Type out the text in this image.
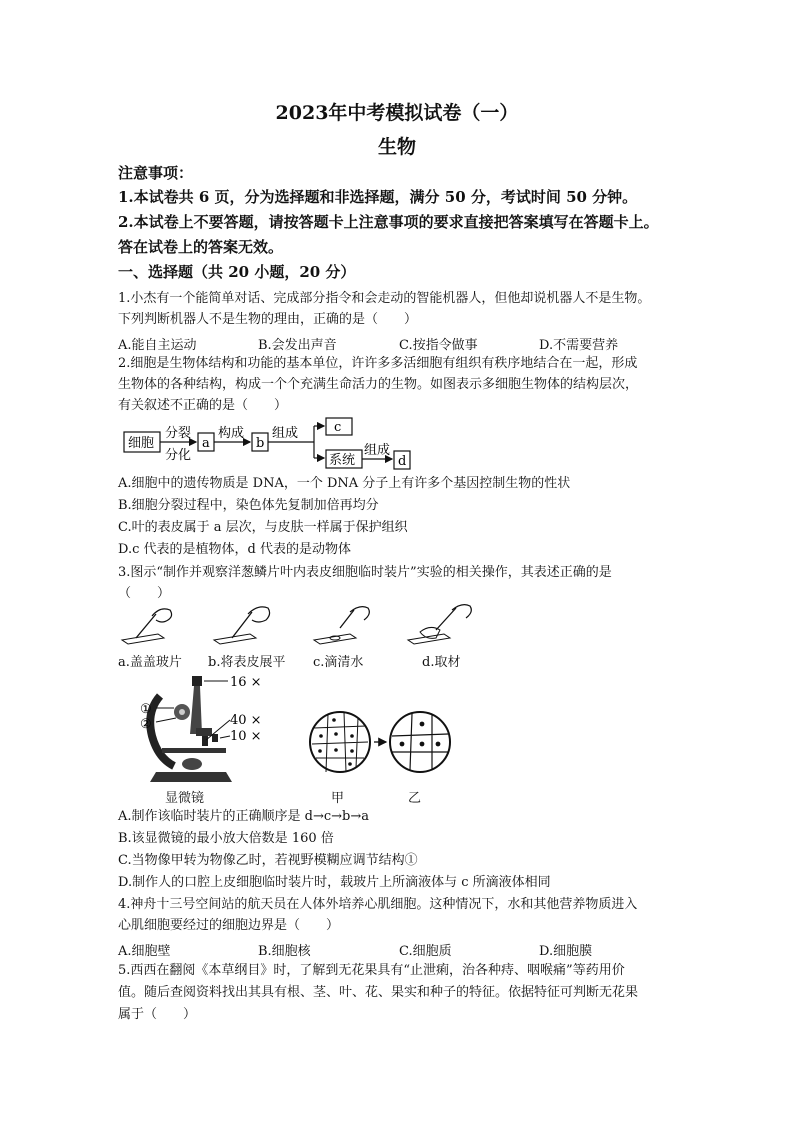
2023年中考模拟试卷（一）
生物
注意事项：
1.本试卷共 6 页，分为选择题和非选择题，满分 50 分，考试时间 50 分钟。
2.本试卷上不要答题，请按答题卡上注意事项的要求直接把答案填写在答题卡上。
答在试卷上的答案无效。
一、选择题（共 20 小题，20 分）
1.小杰有一个能简单对话、完成部分指令和会走动的智能机器人，但他却说机器人不是生物。
下列判断机器人不是生物的理由，正确的是（　　）
A.能自主运动	B.会发出声音	C.按指令做事	D.不需要营养
2.细胞是生物体结构和功能的基本单位，许许多多活细胞有组织有秩序地结合在一起，形成
生物体的各种结构，构成一个个充满生命活力的生物。如图表示多细胞生物体的结构层次，
有关叙述不正确的是（　　）
细胞
分裂
分化
a
构成
b
组成	c
系统
组成
d
A.细胞中的遗传物质是 DNA，一个 DNA 分子上有许多个基因控制生物的性状
B.细胞分裂过程中，染色体先复制加倍再均分
C.叶的表皮属于 a 层次，与皮肤一样属于保护组织
D.c 代表的是植物体，d 代表的是动物体
3.图示“制作并观察洋葱鳞片叶内表皮细胞临时装片”实验的相关操作，其表述正确的是
（　　）
a.盖盖玻片 b.将表皮展平 c.滴清水	d.取材
①
②
16 ×
40 ×
10 ×
显微镜	甲	乙
A.制作该临时装片的正确顺序是 d→c→b→a
B.该显微镜的最小放大倍数是 160 倍
C.当物像甲转为物像乙时，若视野模糊应调节结构①
D.制作人的口腔上皮细胞临时装片时，载玻片上所滴液体与 c 所滴液体相同
4.神舟十三号空间站的航天员在人体外培养心肌细胞。这种情况下，水和其他营养物质进入
心肌细胞要经过的细胞边界是（　　）
A.细胞壁	B.细胞核	C.细胞质	D.细胞膜
5.西西在翻阅《本草纲目》时，了解到无花果具有“止泄痢，治各种痔、咽喉痛”等药用价
值。随后查阅资料找出其具有根、茎、叶、花、果实和种子的特征。依据特征可判断无花果
属于（　　）
